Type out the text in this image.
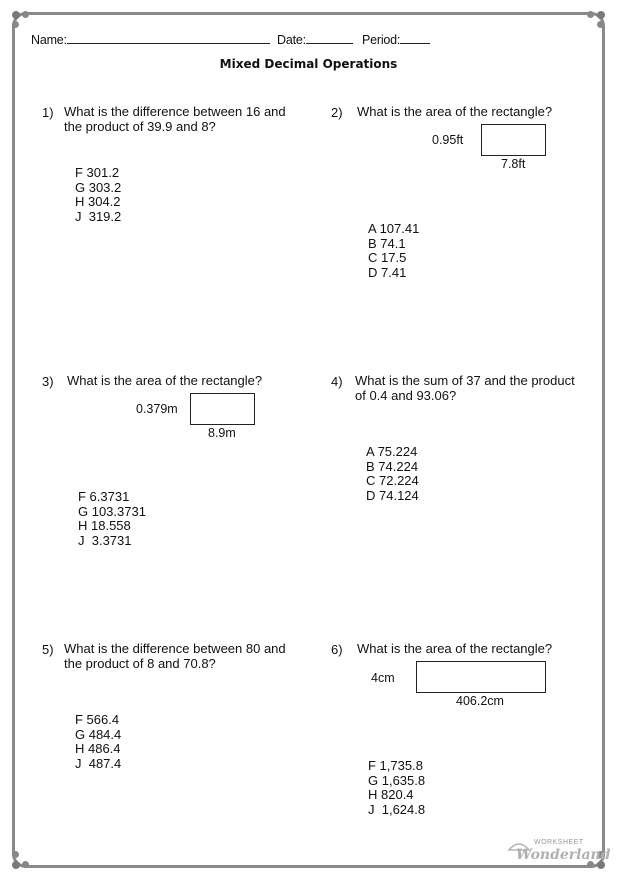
Name:	Date:	Period:
Mixed Decimal Operations
1) What is the difference between 16 and
the product of 39.9 and 8?
F 301.2
G 303.2
H 304.2
J  319.2
2) What is the area of the rectangle?
0.95ft
7.8ft
A 107.41
B 74.1
C 17.5
D 7.41
3) What is the area of the rectangle?
0.379m
8.9m
F 6.3731
G 103.3731
H 18.558
J  3.3731
4) What is the sum of 37 and the product
of 0.4 and 93.06?
A 75.224
B 74.224
C 72.224
D 74.124
5) What is the difference between 80 and
the product of 8 and 70.8?
F 566.4
G 484.4
H 486.4
J  487.4
6) What is the area of the rectangle?
4cm
406.2cm
F 1,735.8
G 1,635.8
H 820.4
J  1,624.8
WORKSHEET
Wonderland
